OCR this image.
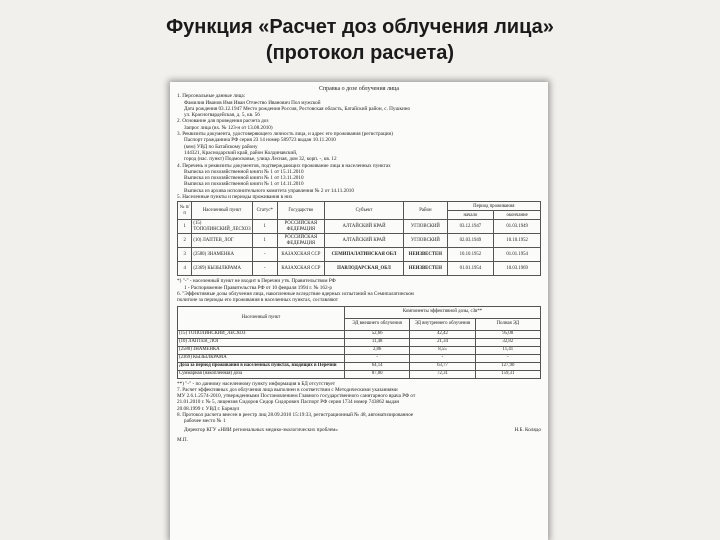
Функция «Расчет доз облучения лица»
(протокол расчета)
Справка о дозе облучения лица
1. Персональные данные лица:
Фамилия Иванов Имя Иван Отчество Иванович Пол мужской
Дата рождения 03.12.1947 Место рождения Россия, Ростовская область, Батайский район, с. Пушкино
ул. Красногвардейская, д. 5, кв. 56
2. Основание для проведения расчета доз
Запрос лица (вх. № 123-н от 13.08.2010)
3. Реквизиты документа, удостоверяющего личность лица, и адрес его проживания (регистрации)
Паспорт гражданина РФ серия 23 14 номер 589723 выдан 10.11.2010
(кем) УВД по Батайскому району
144321, Краснодарский край, район Колдинавский,
город (нас. пункт) Подмосковье, улица Лесная, дом 32, корп. -, кв. 12
4. Перечень и реквизиты документов, подтверждающих проживание лица в населенных пунктах
Выписка из похозяйственной книги № 1 от 15.11.2010
Выписка из похозяйственной книги № 1 от 13.11.2010
Выписка из похозяйственной книги № 1 от 14.11.2010
Выписка из архива исполнительного комитета управления № 2 от 14.11.2010
5. Населенные пункты и периоды проживания в них
№ п/п	Населенный пункт	Статус*	Государство	Субъект	Район	Период проживания	
						начало	окончание
1	(15) ТОПОЛИНСКИЙ_ЛЕСХОЗ	1	РОССИЙСКАЯ ФЕДЕРАЦИЯ	АЛТАЙСКИЙ КРАЙ	УГЛОВСКИЙ	03.12.1947	01.03.1949
2	(10) ЛАПТЕВ_ЛОГ	1	РОССИЙСКАЯ ФЕДЕРАЦИЯ	АЛТАЙСКИЙ КРАЙ	УГЛОВСКИЙ	02.03.1949	10.10.1952
3	(2580) ЗНАМЕНКА	-	КАЗАХСКАЯ ССР	СЕМИПАЛАТИНСКАЯ ОБЛ	НЕИЗВЕСТЕН	10.10.1952	01.01.1954
4	(2369) КЫЗЫЛКРАМА	-	КАЗАХСКАЯ ССР	ПАВЛОДАРСКАЯ_ОБЛ	НЕИЗВЕСТЕН	01.01.1954	10.03.1969
*) "-" - населенный пункт не входит в Перечни утв. Правительством РФ
1 - Распоряжение Правительства РФ от 10 февраля 1994 г. № 162-р
6. "Эффективные дозы облучения лица, накопленные вследствие ядерных испытаний на Семипалатинском
полигоне за периоды его проживания в населенных пунктах, составляют
Населенный пункт	Компоненты эффективной дозы, сЗв**		
	ЭД внешнего облучения	ЭД внутреннего облучения	Полная ЭД
(15) ТОПОЛИНСКИЙ_ЛЕСХОЗ	52,66	42,42	95,08
(10) ЛАПТЕВ_ЛОГ	11,48	21,34	32,82
(2580) ЗНАМЕНКА	2,86	8,55	11,41
(2369) КЫЗЫЛКРАМА	-	-	-
Доза за период проживания в населенных пунктах, входящих в Перечни	64,14	63,77	127,90
Суммарная (накопленная) доза	87,00	72,31	159,31
**) "-" - по данному населенному пункту информация в БД отсутствует
7. Расчет эффективных доз облучения лица выполнен в соответствии с Методическими указаниями
МУ 2.6.1.2574-2010, утвержденными Постановлением Главного государственного санитарного врача РФ от
21.01.2010 г. № 5, лицензия Сидоров Сидор Сидорович Паспорт РФ серия 1734 номер 743862 выдан
20.08.1999 г. УВД г. Барнаул
8. Протокол расчета внесен в реестр лиц 28.09.2010 15:19:33, регистрационный № 48, автоматизированное
рабочее место № 1
Директор КГУ «НИИ региональных медико-экологических проблем»	Н.Б. Колядо
М.П.
